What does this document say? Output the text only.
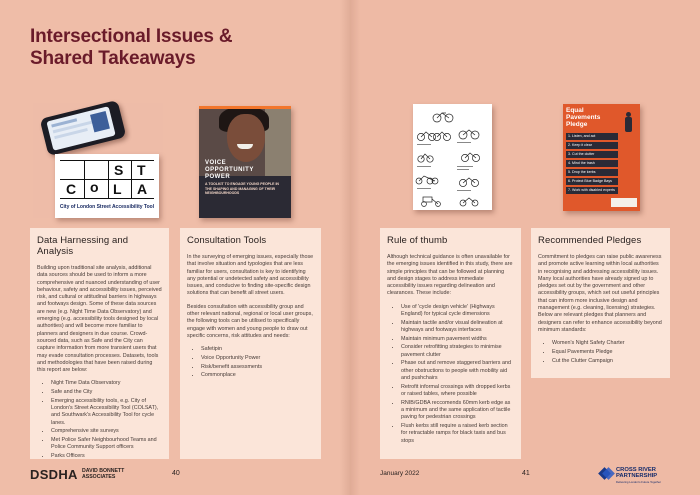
Intersectional Issues &
Shared Takeaways
C o
S T
L A
City of London Street Accessibility Tool
VOICE
OPPORTUNITY
POWER
A TOOLKIT TO ENGAGE YOUNG PEOPLE IN THE SHAPING AND MANAGING OF THEIR NEIGHBOURHOODS
Equal
Pavements
Pledge
1. Listen, and act
2. Keep it clear
3. Cut the clutter
4. Mind the trash
5. Drop the kerbs
6. Protect Blue Badge Bays
7. Work with disabled experts
Data Harnessing and Analysis

Building upon traditional site analysis, additional data sources should be used to inform a more comprehensive and nuanced understanding of user behaviour, safety and accessibility issues, perceived risk, and cultural or attitudinal barriers in highways and footways design. Some of these data sources are new (e.g. Night Time Data Observatory) and emerging (e.g. accessibility tools designed by local authorities) and will become more familiar to planners and designers in due course. Crowd-sourced data, such as Safe and the City can capture information from more transient users that may evade consultation processes. Datasets, tools and methodologies that have been raised during this report are below:

• Night Time Data Observatory
• Safe and the City
• Emerging accessibility tools, e.g. City of London's Street Accessibility Tool (COLSAT), and Southwark's Accessibility Tool for cycle lanes.
• Comprehensive site surveys
• Met Police Safer Neighbourhood Teams and Police Community Support officers
• Parks Officers
Consultation Tools

In the surveying of emerging issues, especially those that involve situation and typologies that are less familiar for users, consultation is key to identifying any potential or undetected safety and accessibility issues, and conducive to finding site-specific design solutions that can benefit all street users.

Besides consultation with accessibility group and other relevant national, regional or local user groups, the following tools can be utilised to specifically engage with women and young people to draw out specific concerns, risk attitudes and needs:

• Safetipin
• Voice Opportunity Power
• Risk/benefit assessments
• Commonplace
Rule of thumb

Although technical guidance is often unavailable for the emerging issues identified in this study, there are simple principles that can be followed at planning and design stages to address immediate accessibility issues regarding delineation and clearances. These include:

• Use of 'cycle design vehicle' (Highways England) for typical cycle dimensions
• Maintain tactile and/or visual delineation at highways and footways interfaces
• Maintain minimum pavement widths
• Consider retrofitting strategies to minimise pavement clutter
• Phase out and remove staggered barriers and other obstructions to people with mobility aid and pushchairs
• Retrofit informal crossings with dropped kerbs or raised tables, where possible
• RNIB/GDBA reccomends 60mm kerb edge as a minimum and the same application of tactile paving for pedestrian crossings
• Flush kerbs still require a raised kerb section for retractable ramps for black taxis and bus stops
Recommended Pledges

Commitment to pledges can raise public awareness and promote active learning within local authorities in recognising and addressing accessibility issues. Many local authorities have already signed up to pledges set out by the government and other accessibility groups, which set out useful principles that can inform more inclusive design and management (e.g. cleaning, licensing) strategies. Below are relevant pledges that planners and designers can refer to enhance accessibility beyond minimum standards:

• Women's Night Safety Charter
• Equal Pavements Pledge
• Cut the Clutter Campaign
DSDHA DAVID BONNETT
ASSOCIATES	40	January 2022	41	CROSS RIVER
PARTNERSHIP
Delivering London's Future Together
